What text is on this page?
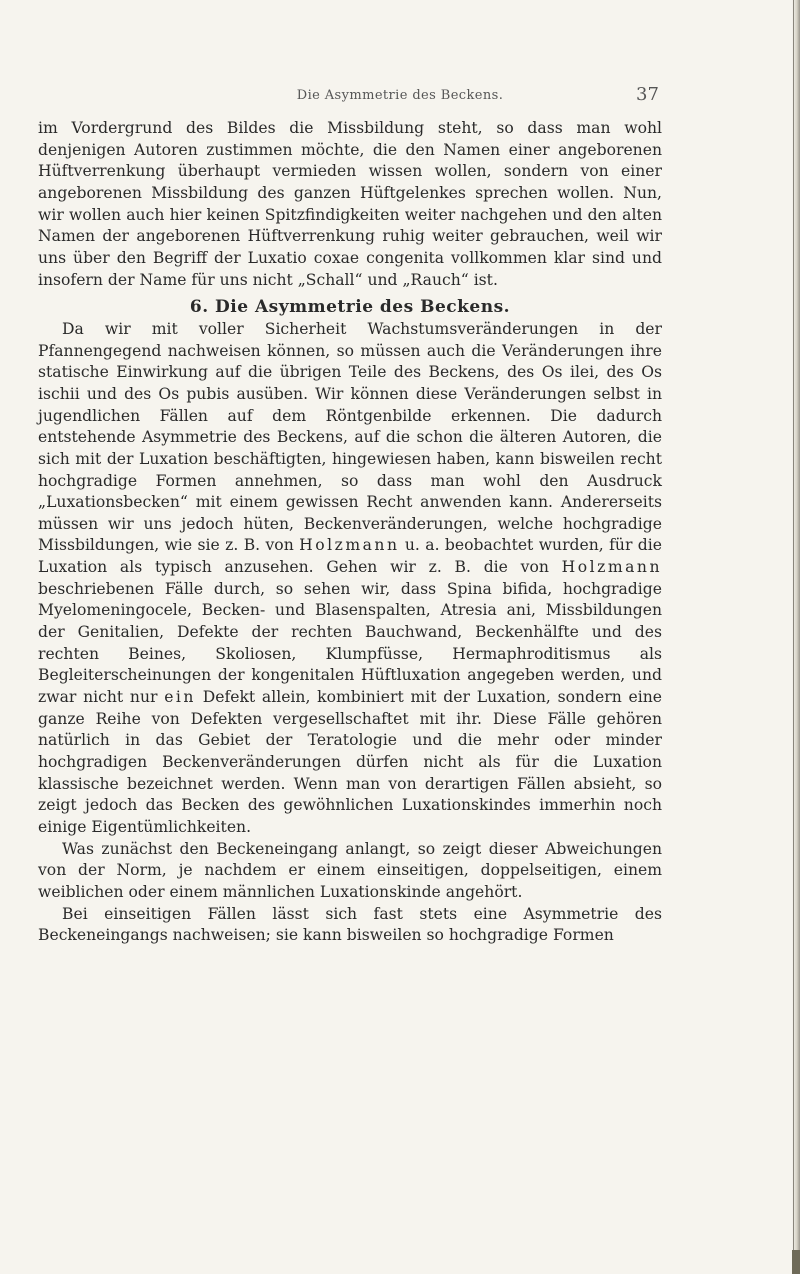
Die Asymmetrie des Beckens.	37

im Vordergrund des Bildes die Missbildung steht, so dass man wohl denjenigen Autoren zustimmen möchte, die den Namen einer angeborenen Hüftverrenkung überhaupt vermieden wissen wollen, sondern von einer angeborenen Missbildung des ganzen Hüftgelenkes sprechen wollen. Nun, wir wollen auch hier keinen Spitzfindigkeiten weiter nachgehen und den alten Namen der angeborenen Hüftverrenkung ruhig weiter gebrauchen, weil wir uns über den Begriff der Luxatio coxae congenita vollkommen klar sind und insofern der Name für uns nicht „Schall“ und „Rauch“ ist.

6. Die Asymmetrie des Beckens.

Da wir mit voller Sicherheit Wachstumsveränderungen in der Pfannengegend nachweisen können, so müssen auch die Veränderungen ihre statische Einwirkung auf die übrigen Teile des Beckens, des Os ilei, des Os ischii und des Os pubis ausüben. Wir können diese Veränderungen selbst in jugendlichen Fällen auf dem Röntgenbilde erkennen. Die dadurch entstehende Asymmetrie des Beckens, auf die schon die älteren Autoren, die sich mit der Luxation beschäftigten, hingewiesen haben, kann bisweilen recht hochgradige Formen annehmen, so dass man wohl den Ausdruck „Luxationsbecken“ mit einem gewissen Recht anwenden kann. Andererseits müssen wir uns jedoch hüten, Beckenveränderungen, welche hochgradige Missbildungen, wie sie z. B. von Holzmann u. a. beobachtet wurden, für die Luxation als typisch anzusehen. Gehen wir z. B. die von Holzmann beschriebenen Fälle durch, so sehen wir, dass Spina bifida, hochgradige Myelomeningocele, Becken- und Blasenspalten, Atresia ani, Missbildungen der Genitalien, Defekte der rechten Bauchwand, Beckenhälfte und des rechten Beines, Skoliosen, Klumpfüsse, Hermaphroditismus als Begleiterscheinungen der kongenitalen Hüftluxation angegeben werden, und zwar nicht nur ein Defekt allein, kombiniert mit der Luxation, sondern eine ganze Reihe von Defekten vergesellschaftet mit ihr. Diese Fälle gehören natürlich in das Gebiet der Teratologie und die mehr oder minder hochgradigen Beckenveränderungen dürfen nicht als für die Luxation klassische bezeichnet werden. Wenn man von derartigen Fällen absieht, so zeigt jedoch das Becken des gewöhnlichen Luxationskindes immerhin noch einige Eigentümlichkeiten.

Was zunächst den Beckeneingang anlangt, so zeigt dieser Abweichungen von der Norm, je nachdem er einem einseitigen, doppelseitigen, einem weiblichen oder einem männlichen Luxationskinde angehört.

Bei einseitigen Fällen lässt sich fast stets eine Asymmetrie des Beckeneingangs nachweisen; sie kann bisweilen so hochgradige Formen
